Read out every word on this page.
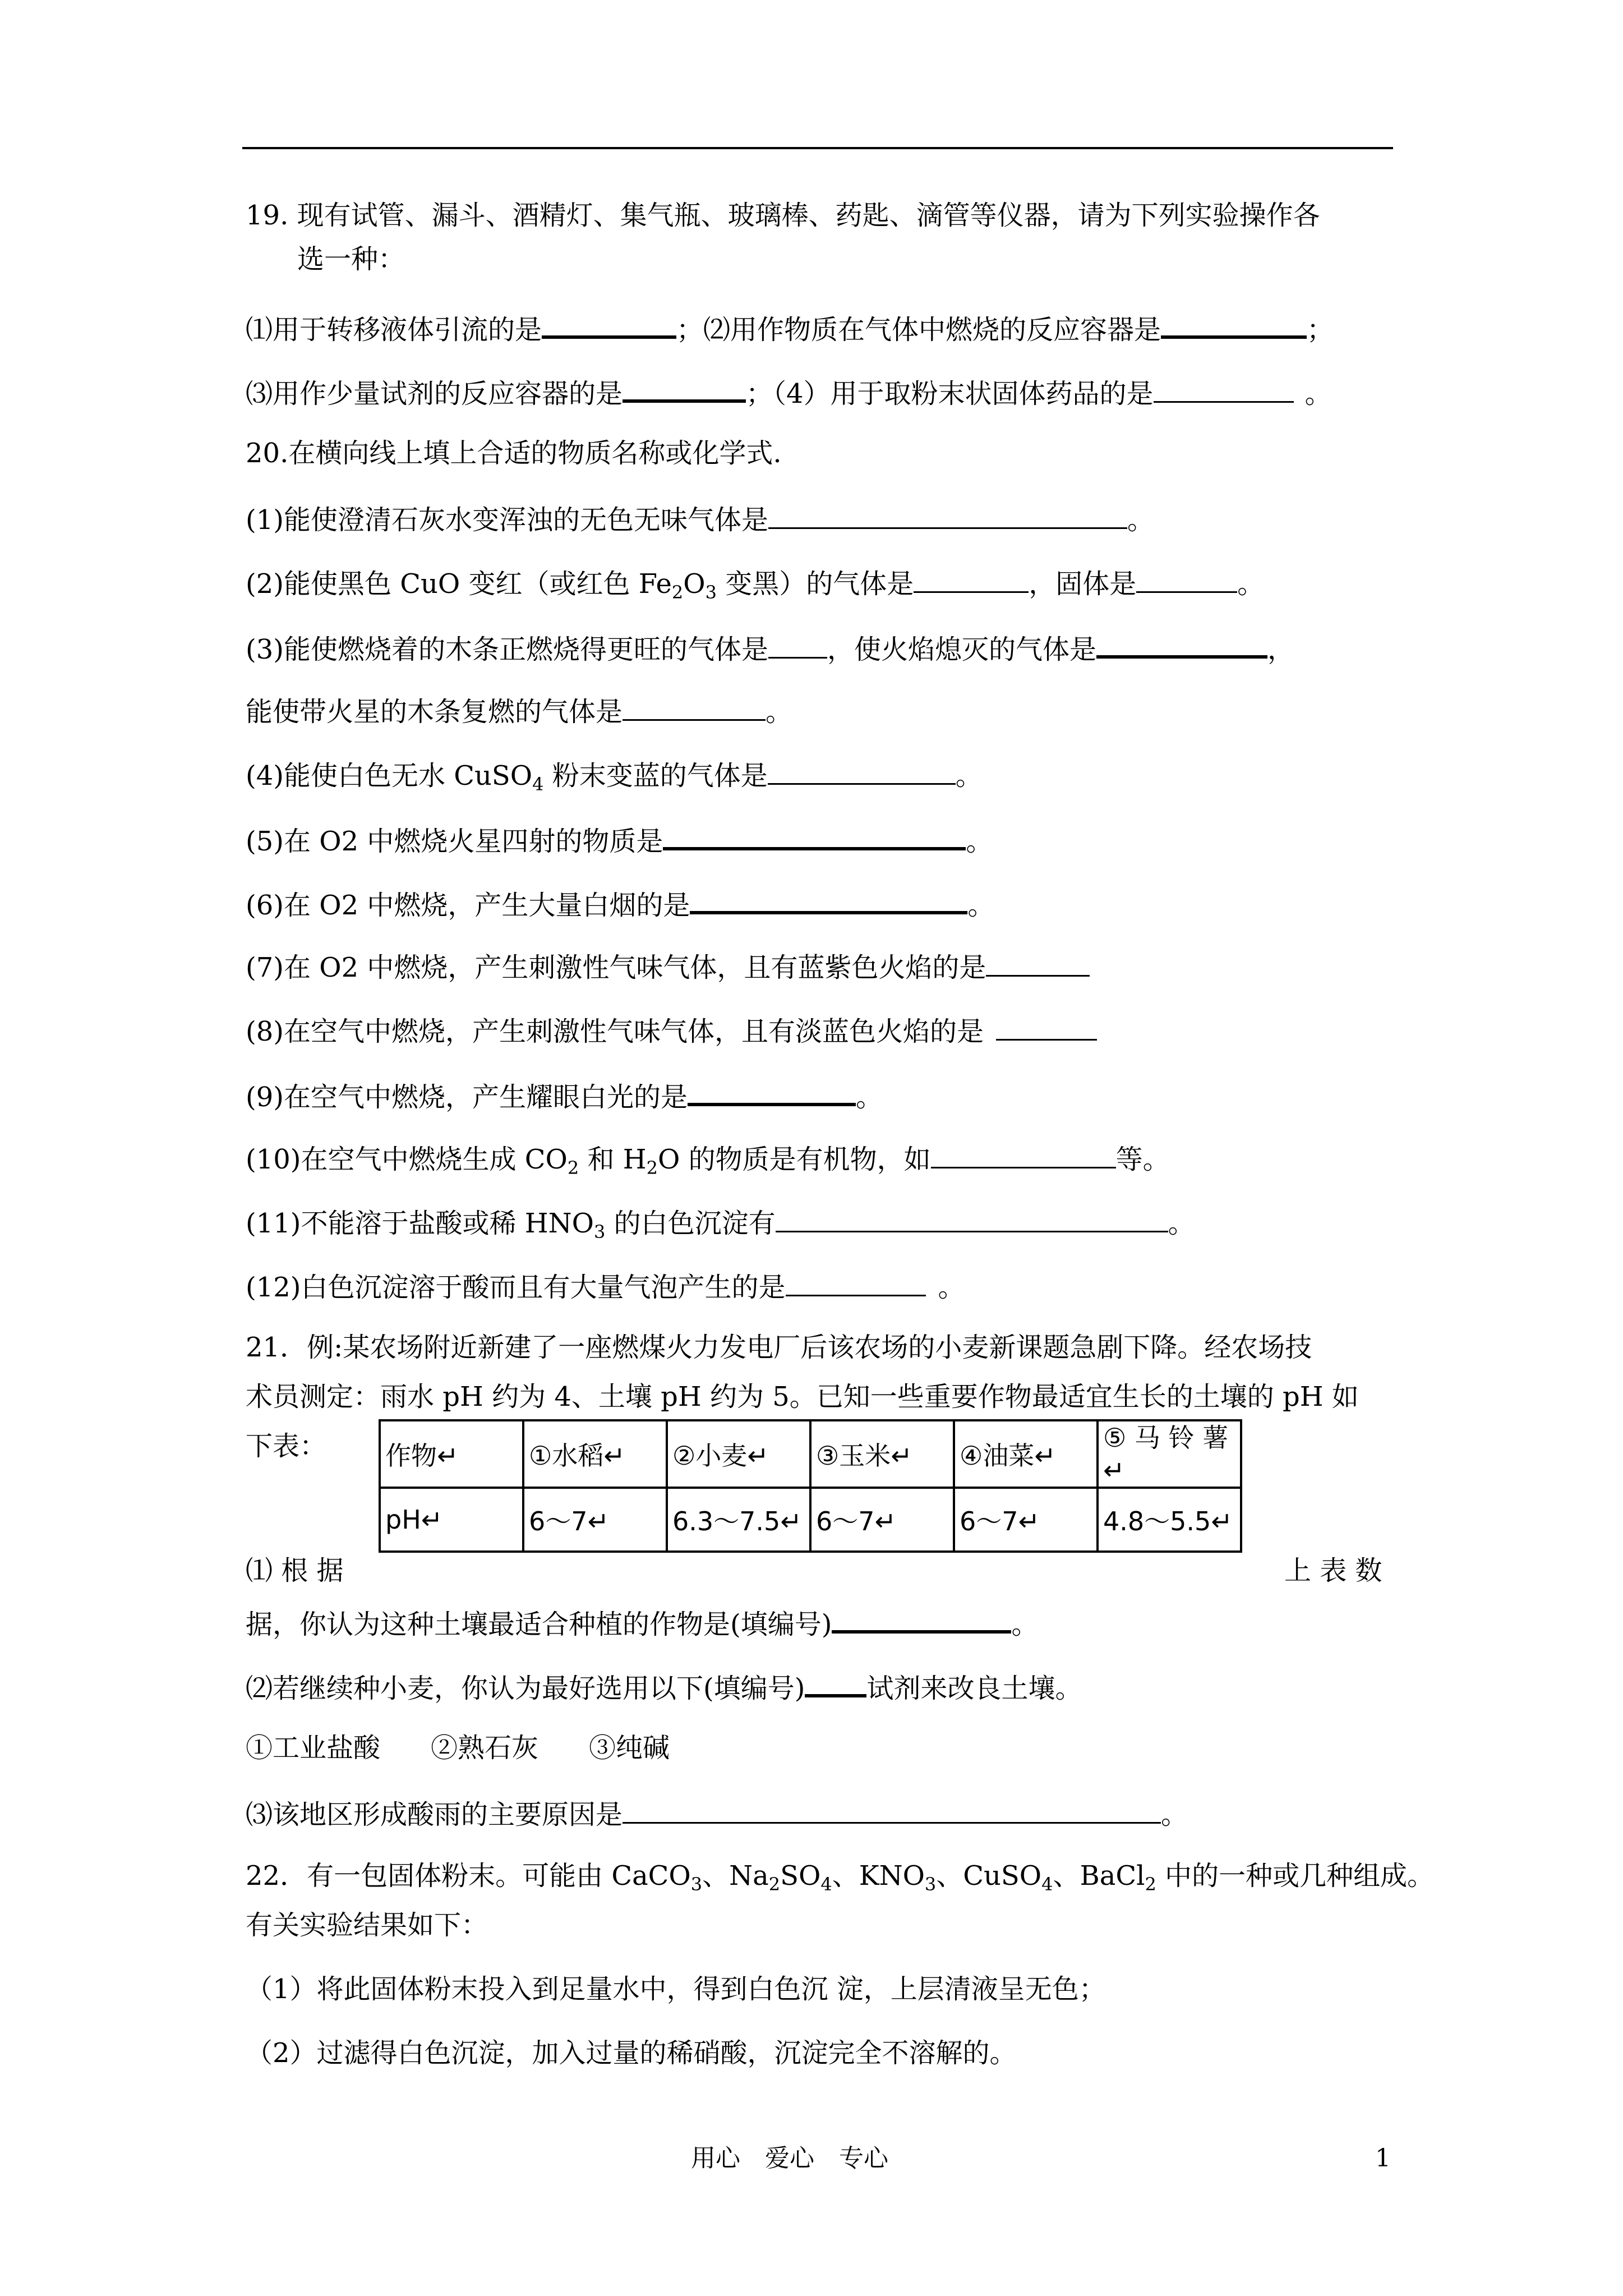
19. 现有试管、漏斗、酒精灯、集气瓶、玻璃棒、药匙、滴管等仪器，请为下列实验操作各
选一种：
⑴用于转移液体引流的是	；⑵用作物质在气体中燃烧的反应容器是	；
⑶用作少量试剂的反应容器的是	；（4）用于取粉末状固体药品的是	。
20.在横向线上填上合适的物质名称或化学式.
(1)能使澄清石灰水变浑浊的无色无味气体是	。
(2)能使黑色 CuO 变红（或红色 $Fe_2O_3$ 变黑）的气体是	，固体是	。
(3)能使燃烧着的木条正燃烧得更旺的气体是 ，使火焰熄灭的气体是	，
能使带火星的木条复燃的气体是	。
(4)能使白色无水 CuSO$_4$ 粉末变蓝的气体是	。
(5)在 O2 中燃烧火星四射的物质是	。
(6)在 O2 中燃烧，产生大量白烟的是	。
(7)在 O2 中燃烧，产生刺激性气味气体，且有蓝紫色火焰的是
(8)在空气中燃烧，产生刺激性气味气体，且有淡蓝色火焰的是
(9)在空气中燃烧，产生耀眼白光的是	。
(10)在空气中燃烧生成 $CO_2$ 和 $H_2O$ 的物质是有机物，如	等。
(11)不能溶于盐酸或稀 $HNO_3$ 的白色沉淀有	。
(12)白色沉淀溶于酸而且有大量气泡产生的是	。
21．例:某农场附近新建了一座燃煤火力发电厂后该农场的小麦新课题急剧下降。经农场技
术员测定：雨水 pH 约为 4、土壤 pH 约为 5。已知一些重要作物最适宜生长的土壤的 pH 如
下表： 作物↵	①水稻↵	②小麦↵	③玉米↵	④油菜↵	⑤ 马 铃 薯↵
pH↵	6～7↵	6.3～7.5↵	6～7↵	6～7↵	4.8～5.5↵
⑴ 根 据	上 表 数
据，你认为这种土壤最适合种植的作物是(填编号)	。
⑵若继续种小麦，你认为最好选用以下(填编号) 试剂来改良土壤。
①工业盐酸 ②熟石灰 ③纯碱
⑶该地区形成酸雨的主要原因是	。
22．有一包固体粉末。可能由 CaCO$_3$、$Na_2SO_4$、$KNO_3$、CuSO$_4$、BaCl$_2$ 中的一种或几种组成。
有关实验结果如下：
（1）将此固体粉末投入到足量水中，得到白色沉 淀，上层清液呈无色；
（2）过滤得白色沉淀，加入过量的稀硝酸，沉淀完全不溶解的。
用心　爱心　专心	1
